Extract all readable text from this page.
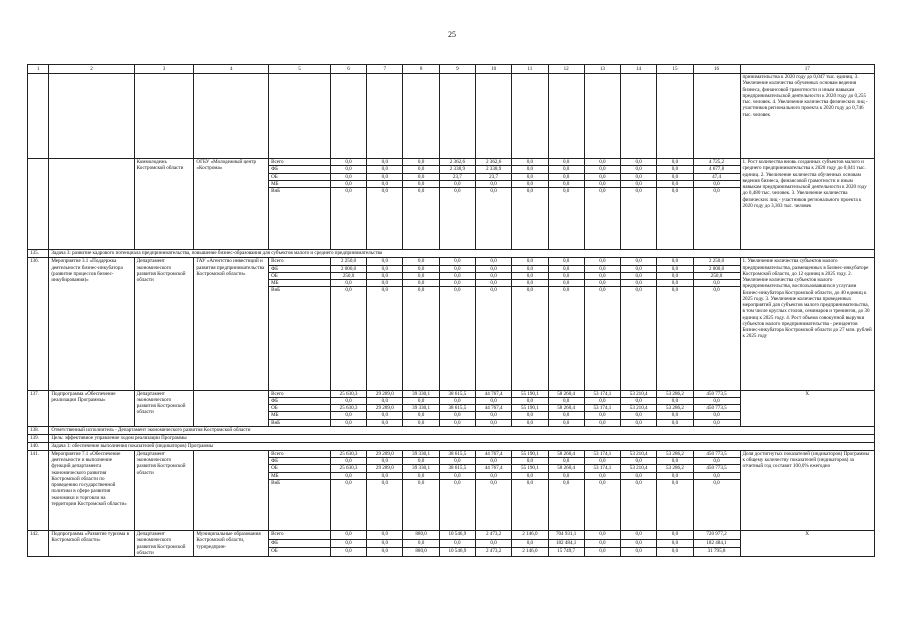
25
1	2	3	4	5	6	7	8	9	10	11	12	13	14	15	16	17
																принимательства к 2020 году до 0,047 тыс. единиц. 3. Увеличение количества обученных основам ведения бизнеса, финансовой грамотности и иным навыкам предпринимательской деятельности к 2020 году до 0,255 тыс. человек. 4. Увеличение количества физических лиц - участников регионального проекта к 2020 году до 0,746 тыс. человек
		Коммолодежь Костромской области	ОГБУ «Молодежный центр «Кострома»	Всего	0,0	0,0	0,0	2 362,6	2 362,6	0,0	0,0	0,0	0,0	0,0	4 725,2	1. Рост количества вновь созданных субъектов малого и среднего предпринимательства к 2020 году до 0,041 тыс. единиц. 2. Увеличение количества обученных основам ведения бизнеса, финансовой грамотности и иным навыкам предпринимательской деятельности к 2020 году до 0,480 тыс. человек. 3. Увеличение количества физических лиц - участников регионального проекта к 2020 году до 3,303 тыс. человек
				ФБ	0,0	0,0	0,0	2 338,9	2 338,9	0,0	0,0	0,0	0,0	0,0	4 677,8	
				ОБ	0,0	0,0	0,0	23,7	23,7	0,0	0,0	0,0	0,0	0,0	47,4	
				МБ	0,0	0,0	0,0	0,0	0,0	0,0	0,0	0,0	0,0	0,0	0,0	
				ВнБ	0,0	0,0	0,0	0,0	0,0	0,0	0,0	0,0	0,0	0,0	0,0	

135.	Задача 3: развитие кадрового потенциала предпринимательства, повышение бизнес-образования для субъектов малого и среднего предпринимательства															
136.	Мероприятие 3.1 «Поддержка деятельности бизнес-инкубатора (развитие процессов бизнес-инкубирования)»	Департамент экономического развития Костромской области	ГАУ «Агентство инвестиций и развития предпринимательства Костромской области»	Всего	2 250,0	0,0	0,0	0,0	0,0	0,0	0,0	0,0	0,0	0,0	2 250,0	1. Увеличение количества субъектов малого предпринимательства, размещенных в Бизнес-инкубаторе Костромской области, до 12 единиц в 2025 году. 2. Увеличение количества субъектов малого предпринимательства, воспользовавшихся услугами Бизнес-инкубатора Костромской области, до 40 единиц к 2025 году. 3. Увеличение количества проведенных мероприятий для субъектов малого предпринимательства, в том числе круглых столов, семинаров и тренингов, до 30 единиц к 2025 году. 4. Рост объема совокупной выручки субъектов малого предпринимательства - резидентов Бизнес-инкубатора Костромской области до 27 млн. рублей к 2025 году
				ФБ	2 000,0	0,0	0,0	0,0	0,0	0,0	0,0	0,0	0,0	0,0	2 000,0	
				ОБ	250,0	0,0	0,0	0,0	0,0	0,0	0,0	0,0	0,0	0,0	250,0	
				МБ	0,0	0,0	0,0	0,0	0,0	0,0	0,0	0,0	0,0	0,0	0,0	
				ВнБ	0,0	0,0	0,0	0,0	0,0	0,0	0,0	0,0	0,0	0,0	0,0	

137.	Подпрограмма «Обеспечение реализации Программы»	Департамент экономического развития Костромской области		Всего	25 630,3	29 289,0	39 330,1	38 615,5	44 767,4	55 190,1	58 260,4	53 174,1	53 210,4	53 286,2	450 773,5	Х
				ФБ	0,0	0,0	0,0	0,0	0,0	0,0	0,0	0,0	0,0	0,0	0,0	
				ОБ	25 630,3	29 289,0	39 330,1	38 615,5	44 767,4	55 190,1	58 260,4	53 174,1	53 210,4	53 286,2	450 773,5	
				МБ	0,0	0,0	0,0	0,0	0,0	0,0	0,0	0,0	0,0	0,0	0,0	
				ВнБ	0,0	0,0	0,0	0,0	0,0	0,0	0,0	0,0	0,0	0,0	0,0	
138.	Ответственный исполнитель - Департамент экономического развития Костромской области															
139.	Цель: эффективное управление ходом реализации Программы															
140.	Задача 1: обеспечение выполнения показателей (индикаторов) Программы															
141.	Мероприятие 7.1 «Обеспечение деятельности и выполнение функций департамента экономического развития Костромской области по проведению государственной политики в сфере развития экономики и торговли на территории Костромской области»	Департамент экономического развития Костромской области		Всего	25 630,3	29 289,0	39 330,1	38 615,5	44 767,4	55 190,1	58 260,4	53 174,1	53 210,4	53 286,2	450 773,5	Доля достигнутых показателей (индикаторов) Программы к общему количеству показателей (индикаторов) за отчетный год составит 100,0% ежегодно
				ФБ	0,0	0,0	0,0	0,0	0,0	0,0	0,0	0,0	0,0	0,0	0,0	
				ОБ	25 630,3	29 289,0	39 330,1	38 615,5	44 767,4	55 190,1	58 260,4	53 174,1	53 210,4	53 286,2	450 773,5	
				МБ	0,0	0,0	0,0	0,0	0,0	0,0	0,0	0,0	0,0	0,0	0,0	
				ВнБ	0,0	0,0	0,0	0,0	0,0	0,0	0,0	0,0	0,0	0,0	0,0	

142.	Подпрограмма «Развитие туризма в Костромской области»	Департамент экономического развития Костромской области	Муниципальные образования Костромской области, турпредприн-	Всего	0,0	0,0	880,0	10 546,9	2 473,2	2 146,0	704 931,1	0,0	0,0	0,0	720 977,2	Х
				ФБ	0,0	0,0	0,0	0,0	0,0	0,0	182 484,1	0,0	0,0	0,0	182 484,1	
				ОБ	0,0	0,0	880,0	10 546,9	2 473,2	2 146,0	15 749,7	0,0	0,0	0,0	31 795,8	
